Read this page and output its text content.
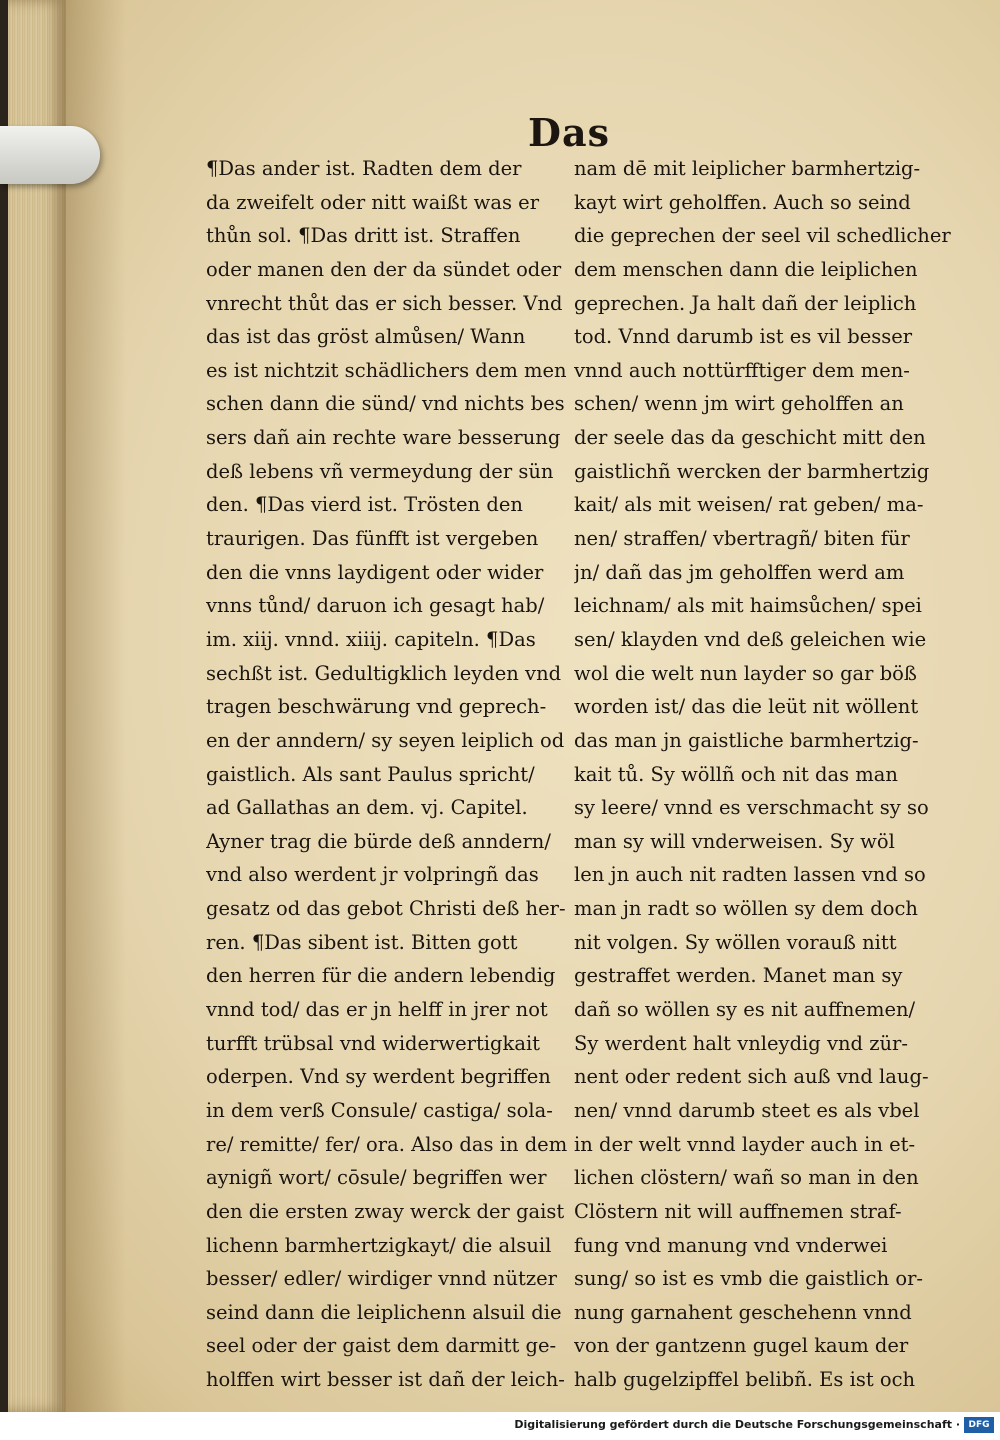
Das
¶Das ander ist. Radten dem der
da zweifelt oder nitt waißt was er
thůn sol. ¶Das dritt ist. Straffen
oder manen den der da sündet oder
vnrecht thůt das er sich besser. Vnd
das ist das gröst almůsen/ Wann
es ist nichtzit schädlichers dem men
schen dann die sünd/ vnd nichts bes
sers dañ ain rechte ware besserung
deß lebens vñ vermeydung der sün
den. ¶Das vierd ist. Trösten den
traurigen. Das fünfft ist vergeben
den die vnns laydigent oder wider
vnns tůnd/ daruon ich gesagt hab/
im. xiij. vnnd. xiiij. capiteln. ¶Das
sechßt ist. Gedultigklich leyden vnd
tragen beschwärung vnd geprech-
en der anndern/ sy seyen leiplich od
gaistlich. Als sant Paulus spricht/
ad Gallathas an dem. vj. Capitel.
Ayner trag die bürde deß anndern/
vnd also werdent jr volpringñ das
gesatz od das gebot Christi deß her-
ren. ¶Das sibent ist. Bitten gott
den herren für die andern lebendig
vnnd tod/ das er jn helff in jrer not
turfft trübsal vnd widerwertigkait
oderpen. Vnd sy werdent begriffen
in dem verß Consule/ castiga/ sola-
re/ remitte/ fer/ ora. Also das in dem
aynigñ wort/ cōsule/ begriffen wer
den die ersten zway werck der gaist
lichenn barmhertzigkayt/ die alsuil
besser/ edler/ wirdiger vnnd nützer
seind dann die leiplichenn alsuil die
seel oder der gaist dem darmitt ge-
holffen wirt besser ist dañ der leich-
nam dē mit leiplicher barmhertzig-
kayt wirt geholffen. Auch so seind
die geprechen der seel vil schedlicher
dem menschen dann die leiplichen
geprechen. Ja halt dañ der leiplich
tod. Vnnd darumb ist es vil besser
vnnd auch nottürfftiger dem men-
schen/ wenn jm wirt geholffen an
der seele das da geschicht mitt den
gaistlichñ wercken der barmhertzig
kait/ als mit weisen/ rat geben/ ma-
nen/ straffen/ vbertragñ/ biten für
jn/ dañ das jm geholffen werd am
leichnam/ als mit haimsůchen/ spei
sen/ klayden vnd deß geleichen wie
wol die welt nun layder so gar böß
worden ist/ das die leüt nit wöllent
das man jn gaistliche barmhertzig-
kait tů. Sy wöllñ och nit das man
sy leere/ vnnd es verschmacht sy so
man sy will vnderweisen. Sy wöl
len jn auch nit radten lassen vnd so
man jn radt so wöllen sy dem doch
nit volgen. Sy wöllen vorauß nitt
gestraffet werden. Manet man sy
dañ so wöllen sy es nit auffnemen/
Sy werdent halt vnleydig vnd zür-
nent oder redent sich auß vnd laug-
nen/ vnnd darumb steet es als vbel
in der welt vnnd layder auch in et-
lichen clöstern/ wañ so man in den
Clöstern nit will auffnemen straf-
fung vnd manung vnd vnderwei
sung/ so ist es vmb die gaistlich or-
nung garnahent geschehenn vnnd
von der gantzenn gugel kaum der
halb gugelzipffel belibñ. Es ist och
Digitalisierung gefördert durch die Deutsche Forschungsgemeinschaft · DFG
